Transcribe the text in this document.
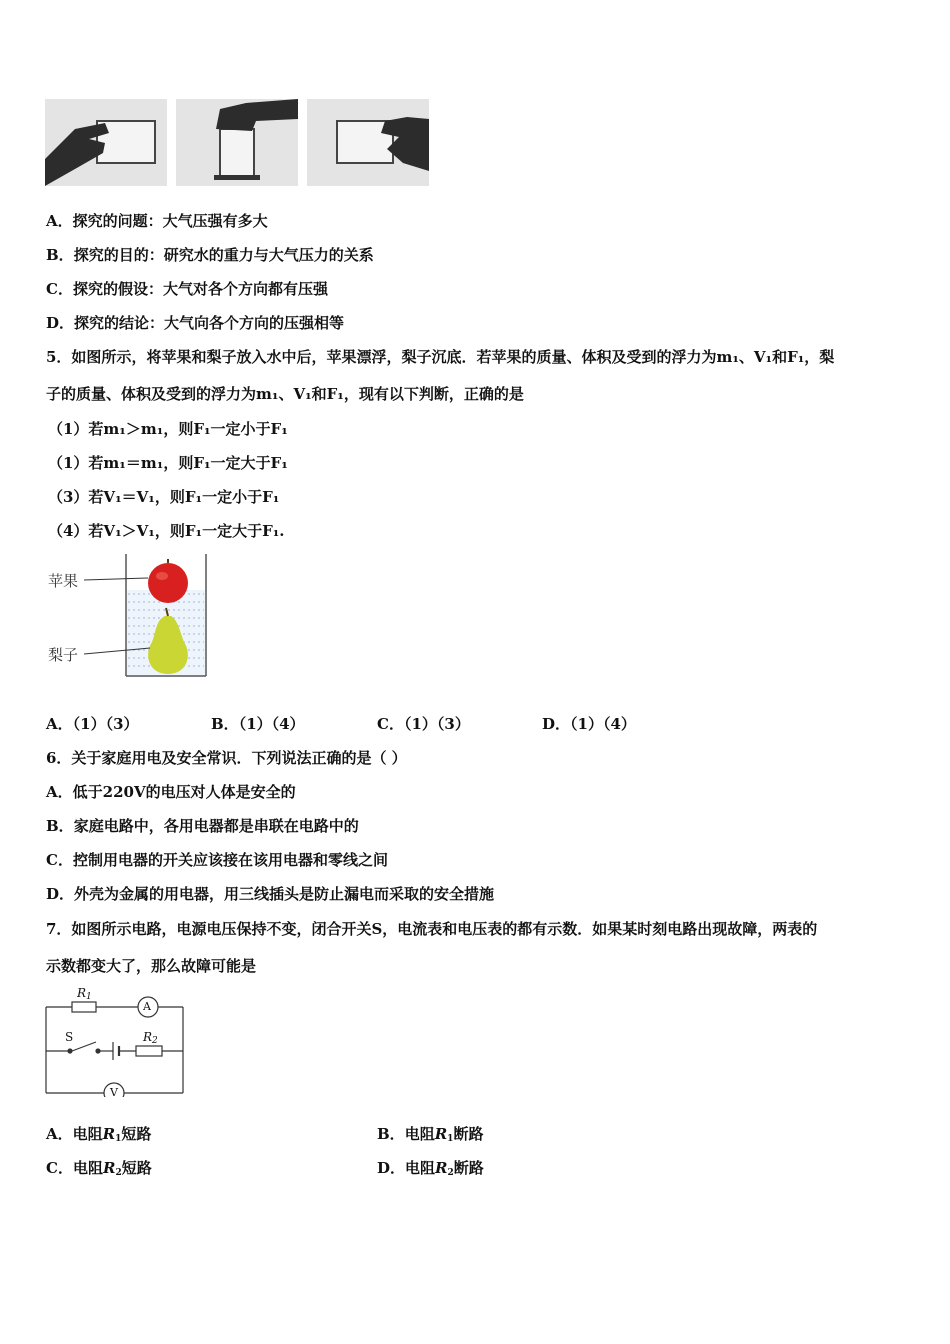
A．探究的问题：大气压强有多大
B．探究的目的：研究水的重力与大气压力的关系
C．探究的假设：大气对各个方向都有压强
D．探究的结论：大气向各个方向的压强相等
5．如图所示，将苹果和梨子放入水中后，苹果漂浮，梨子沉底．若苹果的质量、体积及受到的浮力为m₁、V₁和F₁，梨
子的质量、体积及受到的浮力为m₁、V₁和F₁，现有以下判断，正确的是
（1）若m₁＞m₁，则F₁一定小于F₁
（1）若m₁＝m₁，则F₁一定大于F₁
（3）若V₁＝V₁，则F₁一定小于F₁
（4）若V₁＞V₁，则F₁一定大于F₁.
苹果
梨子
A．（1）（3）	B．（1）（4）	C．（1）（3）	D．（1）（4）
6．关于家庭用电及安全常识．下列说法正确的是（ ）
A．低于220V的电压对人体是安全的
B．家庭电路中，各用电器都是串联在电路中的
C．控制用电器的开关应该接在该用电器和零线之间
D．外壳为金属的用电器，用三线插头是防止漏电而采取的安全措施
7．如图所示电路，电源电压保持不变，闭合开关S，电流表和电压表的都有示数．如果某时刻电路出现故障，两表的
示数都变大了，那么故障可能是
$R_1$
$R_2$
S
A
V
A．电阻$R_1$短路	B．电阻$R_1$断路
C．电阻$R_2$短路	D．电阻$R_2$断路
